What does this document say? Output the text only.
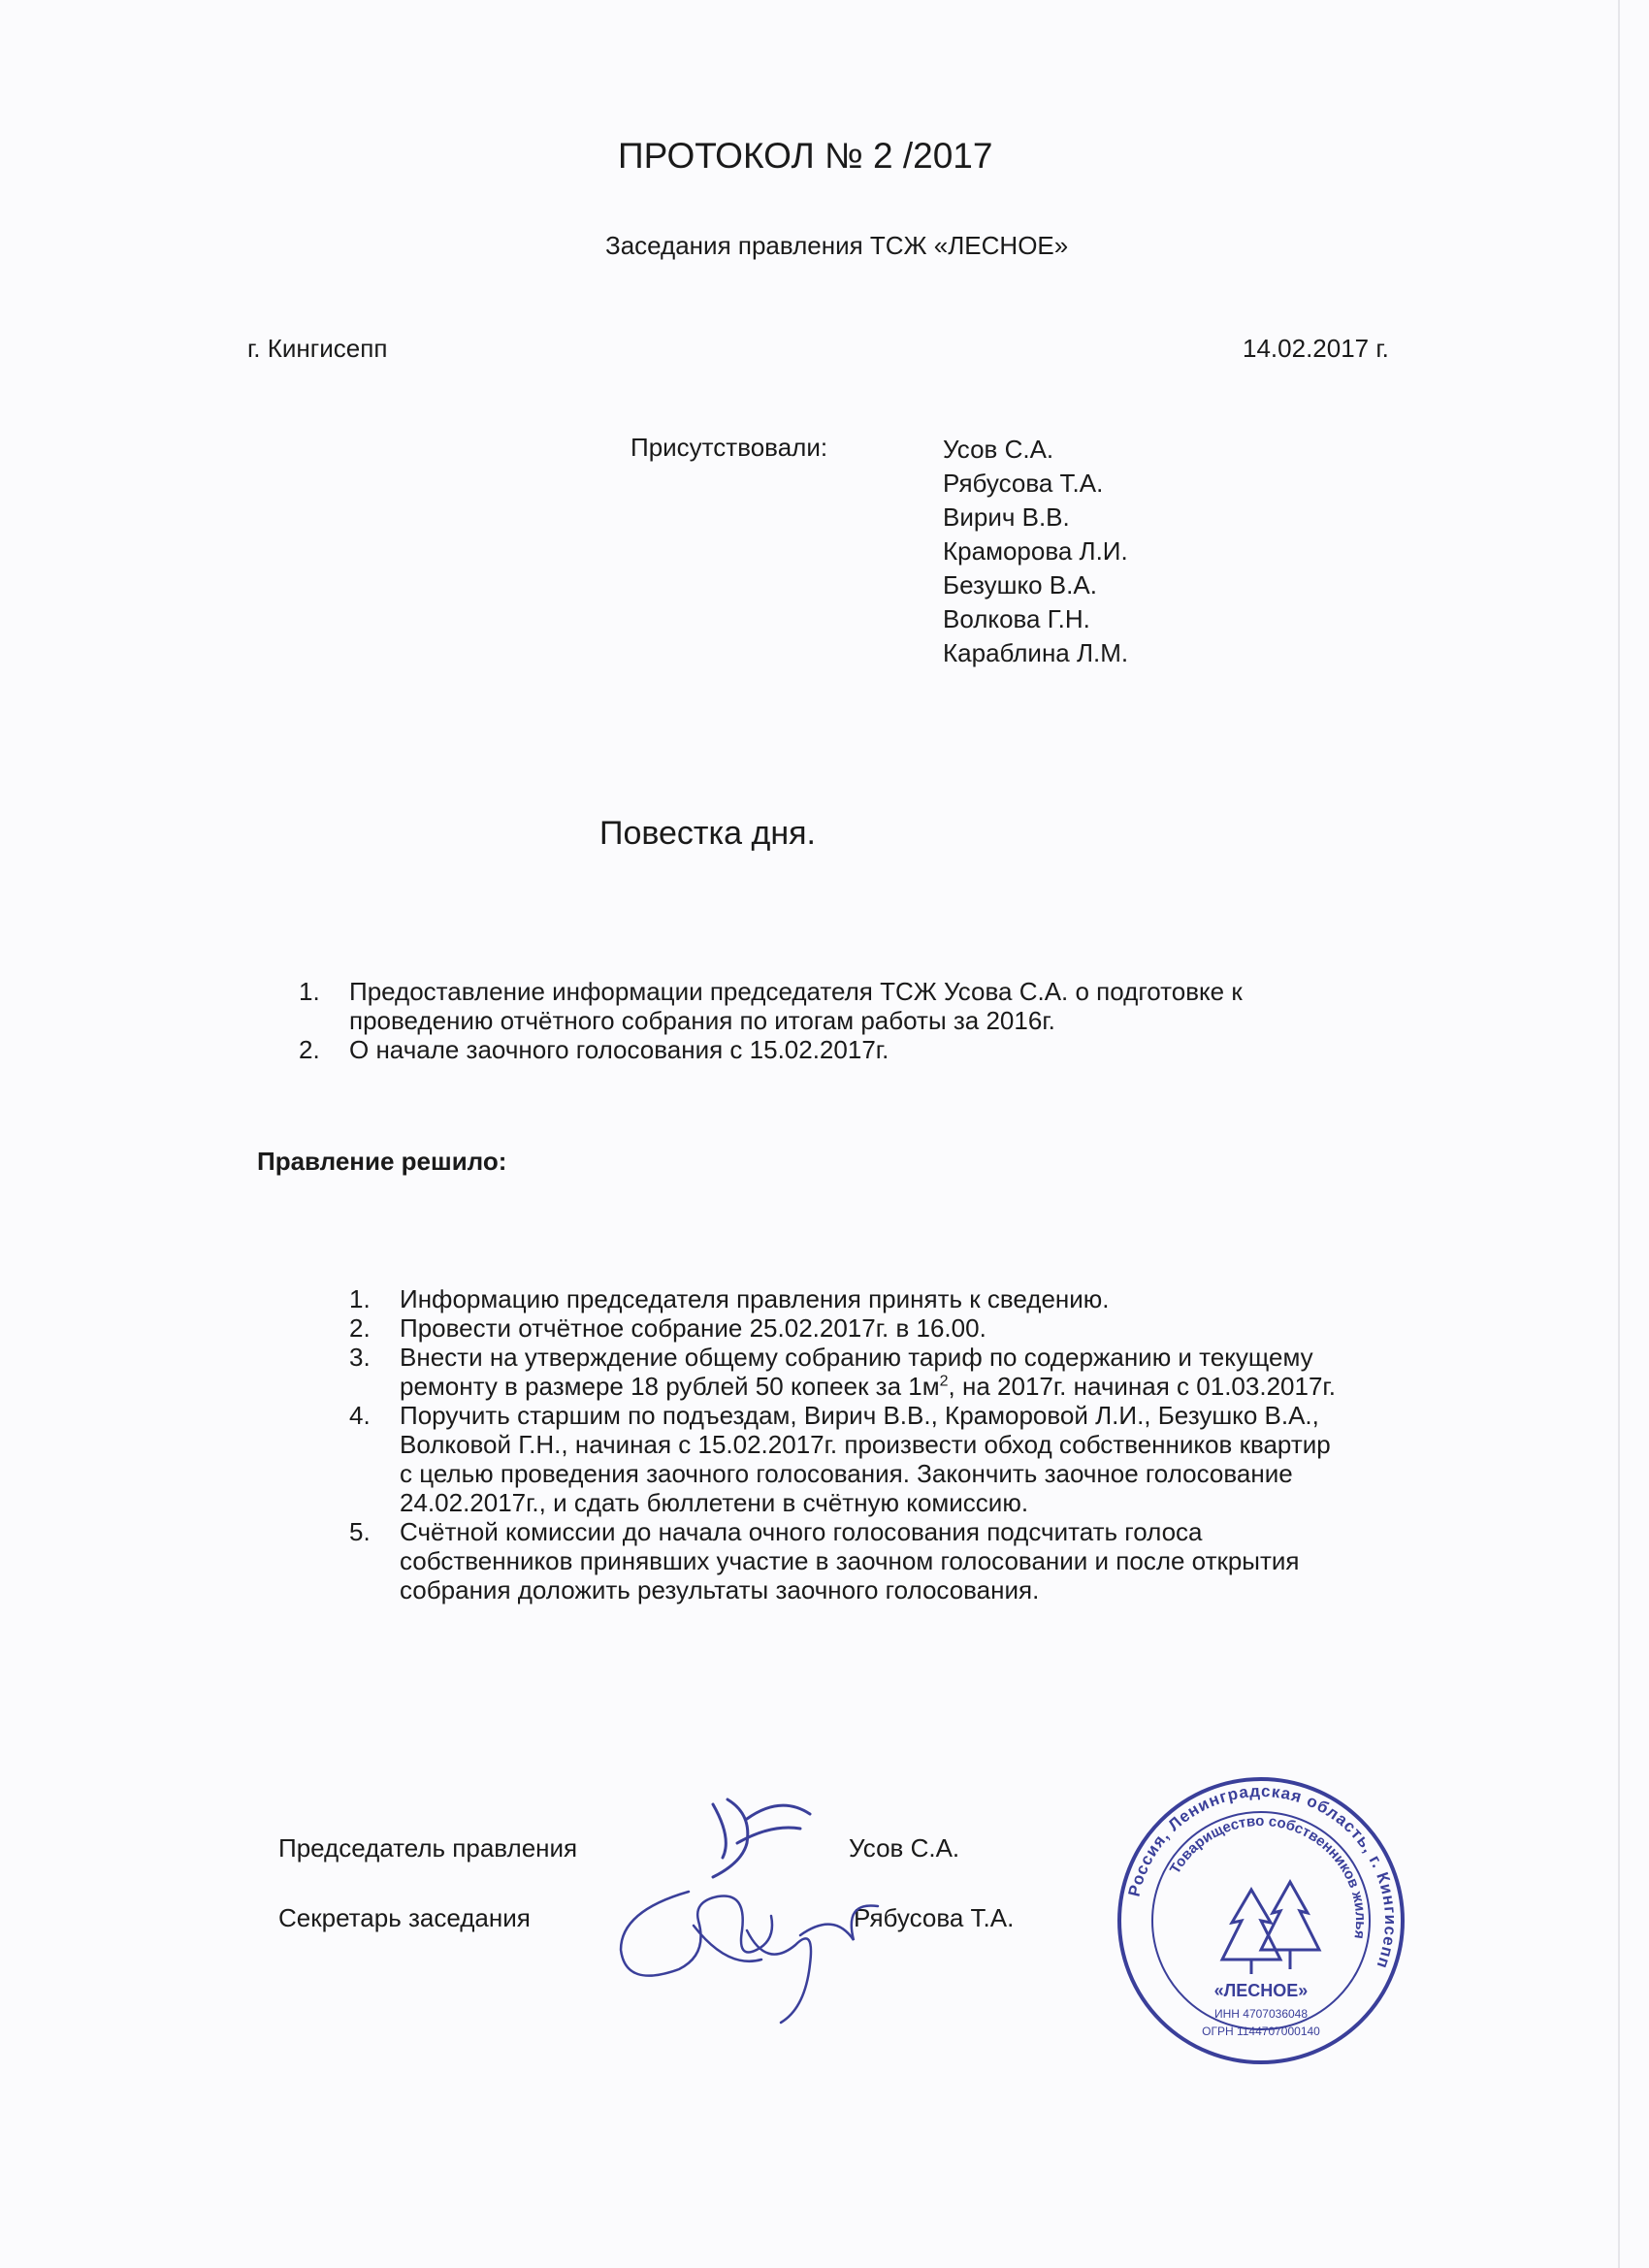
ПРОТОКОЛ № 2 /2017
Заседания правления ТСЖ «ЛЕСНОЕ»
г. Кингисепп	14.02.2017 г.
Присутствовали:	Усов С.А.
Рябусова Т.А.
Вирич В.В.
Краморова Л.И.
Безушко В.А.
Волкова Г.Н.
Караблина Л.М.
Повестка дня.
1. Предоставление информации председателя ТСЖ Усова С.А. о подготовке к
проведению отчётного собрания по итогам работы за 2016г.
2. О начале заочного голосования с 15.02.2017г.
Правление решило:
1. Информацию председателя правления принять к сведению.
2. Провести отчётное собрание 25.02.2017г. в 16.00.
3. Внести на утверждение общему собранию тариф по содержанию и текущему
ремонту в размере 18 рублей 50 копеек за $1м^2$, на 2017г. начиная с 01.03.2017г.
4. Поручить старшим по подъездам, Вирич В.В., Краморовой Л.И., Безушко В.А.,
Волковой Г.Н., начиная с 15.02.2017г. произвести обход собственников квартир
с целью проведения заочного голосования. Закончить заочное голосование
24.02.2017г., и сдать бюллетени в счётную комиссию.
5. Счётной комиссии до начала очного голосования подсчитать голоса
собственников принявших участие в заочном голосовании и после открытия
собрания доложить результаты заочного голосования.
Председатель правления	Усов С.А.
Секретарь заседания	Рябусова Т.А.
Россия, Ленинградская область, г. Кингисепп
Товарищество собственников жилья
«ЛЕСНОЕ»
ИНН 4707036048
ОГРН 1144707000140
